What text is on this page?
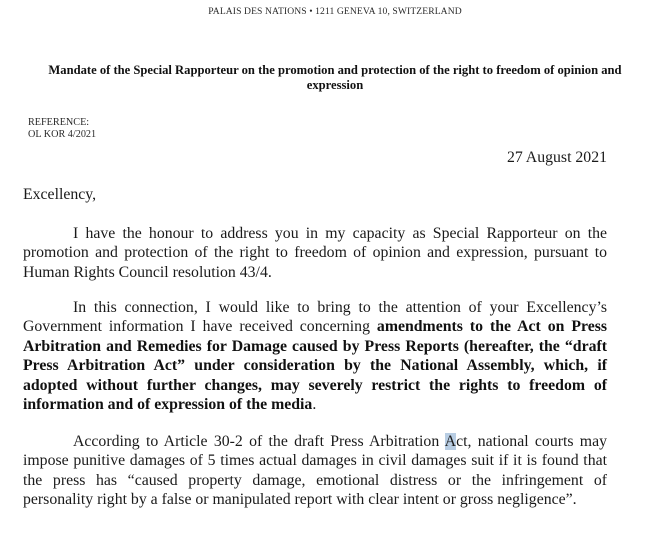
PALAIS DES NATIONS • 1211 GENEVA 10, SWITZERLAND
Mandate of the Special Rapporteur on the promotion and protection of the right to freedom of opinion and expression
REFERENCE:
OL KOR 4/2021
27 August 2021
Excellency,
I have the honour to address you in my capacity as Special Rapporteur on the promotion and protection of the right to freedom of opinion and expression, pursuant to Human Rights Council resolution 43/4.
In this connection, I would like to bring to the attention of your Excellency’s Government information I have received concerning amendments to the Act on Press Arbitration and Remedies for Damage caused by Press Reports (hereafter, the “draft Press Arbitration Act” under consideration by the National Assembly, which, if adopted without further changes, may severely restrict the rights to freedom of information and of expression of the media.
According to Article 30-2 of the draft Press Arbitration Act, national courts may impose punitive damages of 5 times actual damages in civil damages suit if it is found that the press has “caused property damage, emotional distress or the infringement of personality right by a false or manipulated report with clear intent or gross negligence”.
